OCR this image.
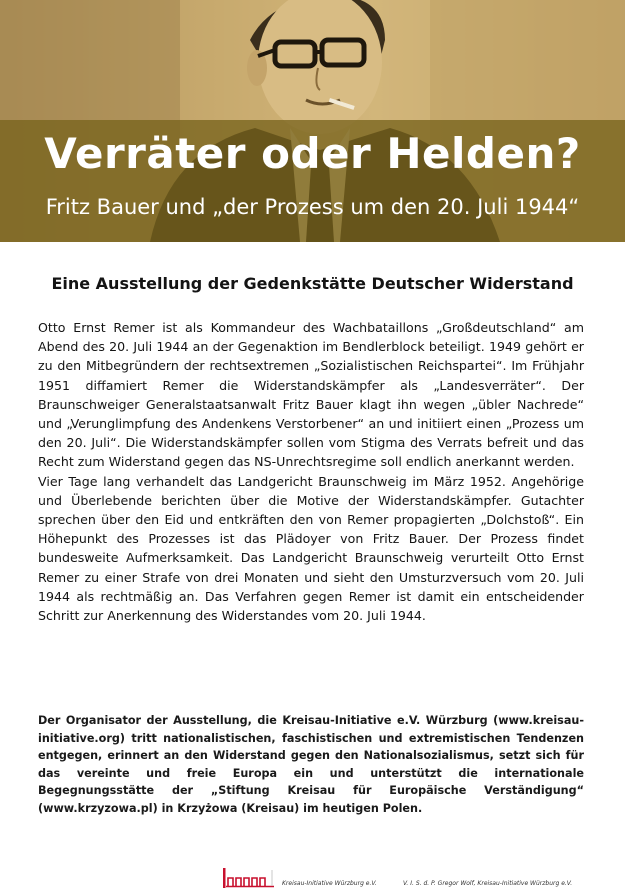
Verräter oder Helden?
Fritz Bauer und „der Prozess um den 20. Juli 1944“
Eine Ausstellung der Gedenkstätte Deutscher Widerstand

Otto Ernst Remer ist als Kommandeur des Wachbataillons „Großdeutschland“ am Abend des 20. Juli 1944 an der Gegenaktion im Bendlerblock beteiligt. 1949 gehört er zu den Mitbegründern der rechtsextremen „Sozialistischen Reichspartei“. Im Frühjahr 1951 diffamiert Remer die Widerstandskämpfer als „Landesverräter“. Der Braunschweiger Generalstaatsanwalt Fritz Bauer klagt ihn wegen „übler Nachrede“ und „Verunglimpfung des Andenkens Verstorbener“ an und initiiert einen „Prozess um den 20. Juli“. Die Widerstandskämpfer sollen vom Stigma des Verrats befreit und das Recht zum Widerstand gegen das NS-Unrechtsregime soll endlich anerkannt werden.

Vier Tage lang verhandelt das Landgericht Braunschweig im März 1952. Angehörige und Überlebende berichten über die Motive der Widerstandskämpfer. Gutachter sprechen über den Eid und entkräften den von Remer propagierten „Dolchstoß“. Ein Höhepunkt des Prozesses ist das Plädoyer von Fritz Bauer. Der Prozess findet bundesweite Aufmerksamkeit. Das Landgericht Braunschweig verurteilt Otto Ernst Remer zu einer Strafe von drei Monaten und sieht den Umsturzversuch vom 20. Juli 1944 als rechtmäßig an. Das Verfahren gegen Remer ist damit ein entscheidender Schritt zur Anerkennung des Widerstandes vom 20. Juli 1944.

Der Organisator der Ausstellung, die Kreisau-Initiative e.V. Würzburg (www.kreisau-initiative.org) tritt nationalistischen, faschistischen und extremistischen Tendenzen entgegen, erinnert an den Widerstand gegen den Nationalsozialismus, setzt sich für das vereinte und freie Europa ein und unterstützt die internationale Begegnungsstätte der „Stiftung Kreisau für Europäische Verständigung“ (www.krzyzowa.pl) in Krzyżowa (Kreisau) im heutigen Polen.
Kreisau-Initiative Würzburg e.V.	V. I. S. d. P. Gregor Wolf, Kreisau-Initiative Würzburg e.V.
